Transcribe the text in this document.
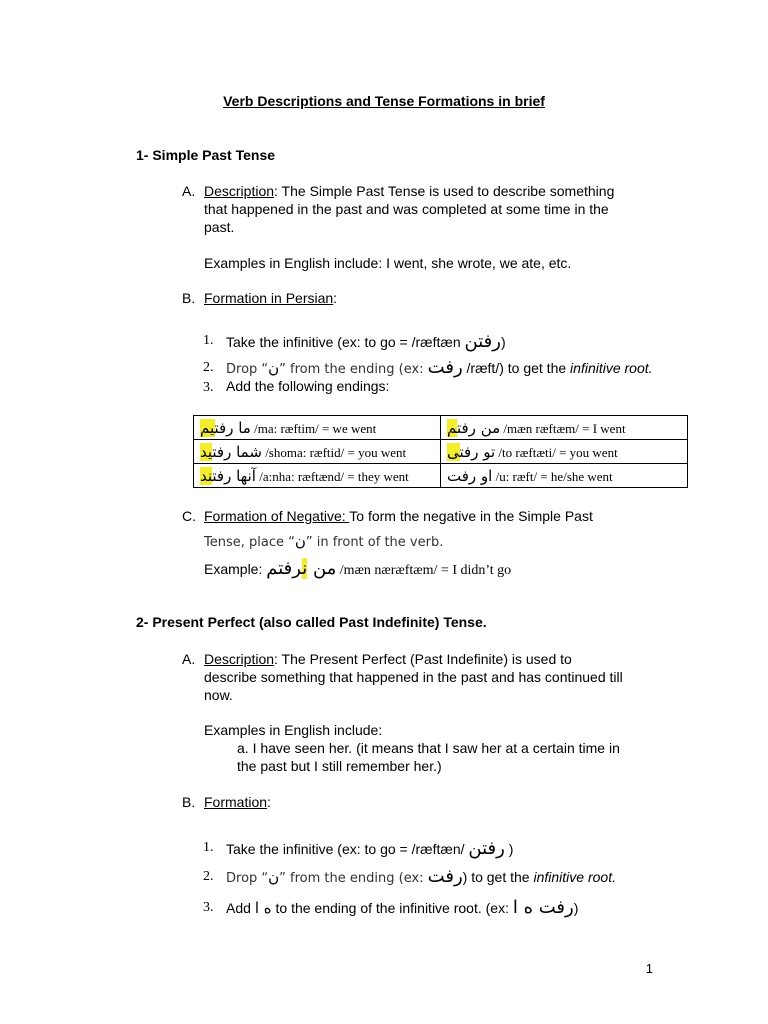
Verb Descriptions and Tense Formations in brief
1- Simple Past Tense
A. Description: The Simple Past Tense is used to describe something
that happened in the past and was completed at some time in the
past.
Examples in English include: I went, she wrote, we ate, etc.
B. Formation in Persian:
1. Take the infinitive (ex: to go = /ræftæn رفتن)
2. Drop “ن” from the ending (ex: رفت /ræft/) to get the infinitive root.
3. Add the following endings:
ما رفتیم /ma: ræftim/ = we went	من رفتم /mæn ræftæm/ = I went
شما رفتید /shoma: ræftid/ = you went	تو رفتی /to ræftæti/ = you went
آنها رفتند /a:nha: ræftænd/ = they went	او رفت /u: ræft/ = he/she went
C. Formation of Negative: To form the negative in the Simple Past
Tense, place “ن” in front of the verb.
Example: من نرفتم /mæn næræftæm/ = I didn’t go
2- Present Perfect (also called Past Indefinite) Tense.
A. Description: The Present Perfect (Past Indefinite) is used to
describe something that happened in the past and has continued till
now.
Examples in English include:
a. I have seen her. (it means that I saw her at a certain time in
the past but I still remember her.)
B. Formation:
1. Take the infinitive (ex: to go = /ræftæn/ رفتن )
2. Drop “ن” from the ending (ex: رفت) to get the infinitive root.
3. Add ه ا to the ending of the infinitive root. (ex: رفت ه ا)
1
